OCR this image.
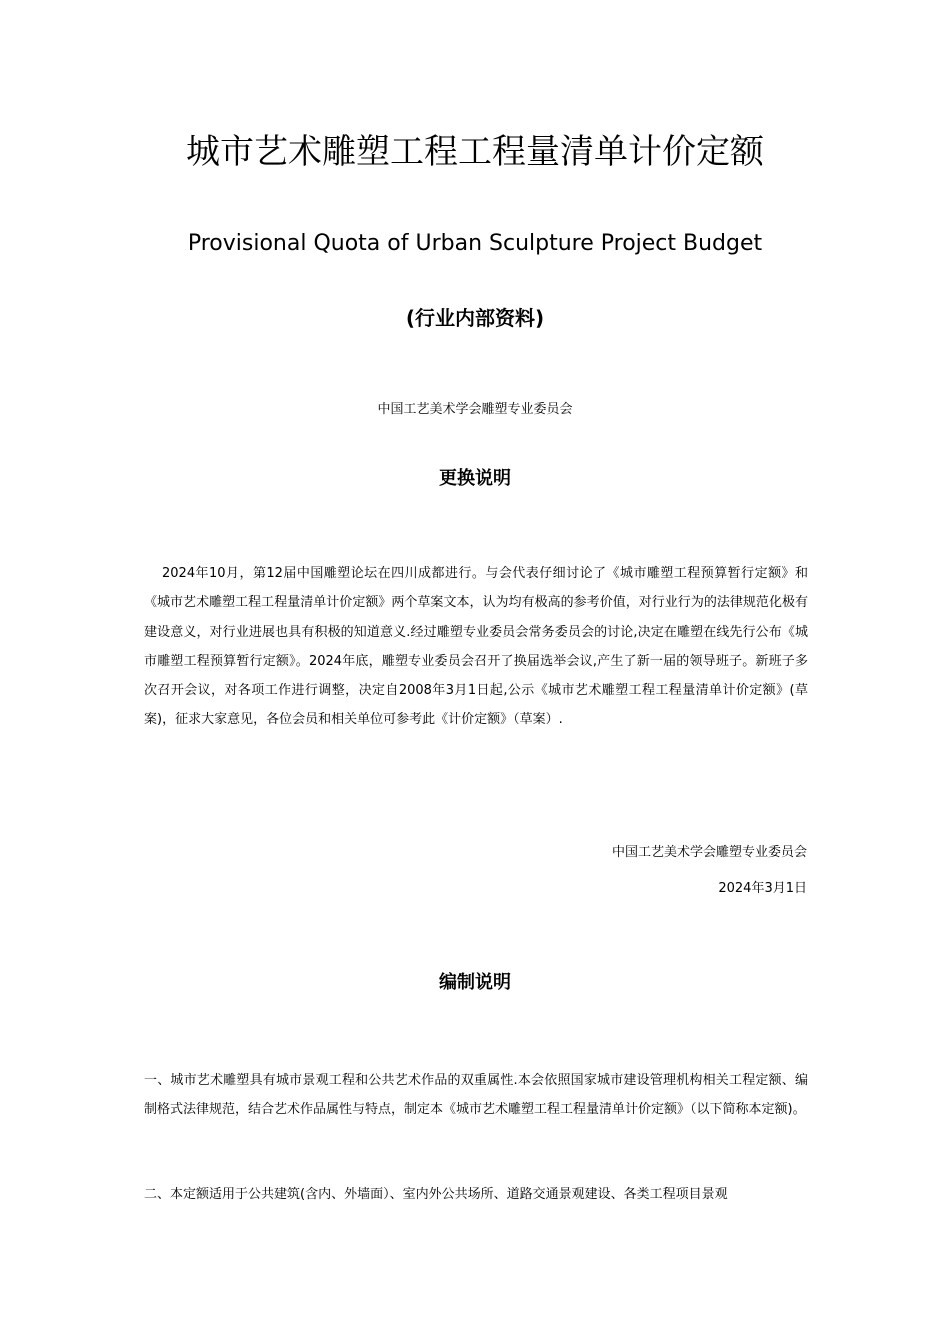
城市艺术雕塑工程工程量清单计价定额

Provisional Quota of Urban Sculpture Project Budget

(行业内部资料)

中国工艺美术学会雕塑专业委员会

更换说明

2024年10月，第12届中国雕塑论坛在四川成都进行。与会代表仔细讨论了《城市雕塑工程预算暂行定额》和《城市艺术雕塑工程工程量清单计价定额》两个草案文本，认为均有极高的参考价值，对行业行为的法律规范化极有建设意义，对行业进展也具有积极的知道意义.经过雕塑专业委员会常务委员会的讨论,决定在雕塑在线先行公布《城市雕塑工程预算暂行定额》。2024年底，雕塑专业委员会召开了换届选举会议,产生了新一届的领导班子。新班子多次召开会议，对各项工作进行调整，决定自2008年3月1日起,公示《城市艺术雕塑工程工程量清单计价定额》(草案)，征求大家意见，各位会员和相关单位可参考此《计价定额》（草案）.

中国工艺美术学会雕塑专业委员会

2024年3月1日

编制说明

一、城市艺术雕塑具有城市景观工程和公共艺术作品的双重属性.本会依照国家城市建设管理机构相关工程定额、编制格式法律规范，结合艺术作品属性与特点，制定本《城市艺术雕塑工程工程量清单计价定额》（以下简称本定额)。

二、本定额适用于公共建筑(含内、外墙面）、室内外公共场所、道路交通景观建设、各类工程项目景观
